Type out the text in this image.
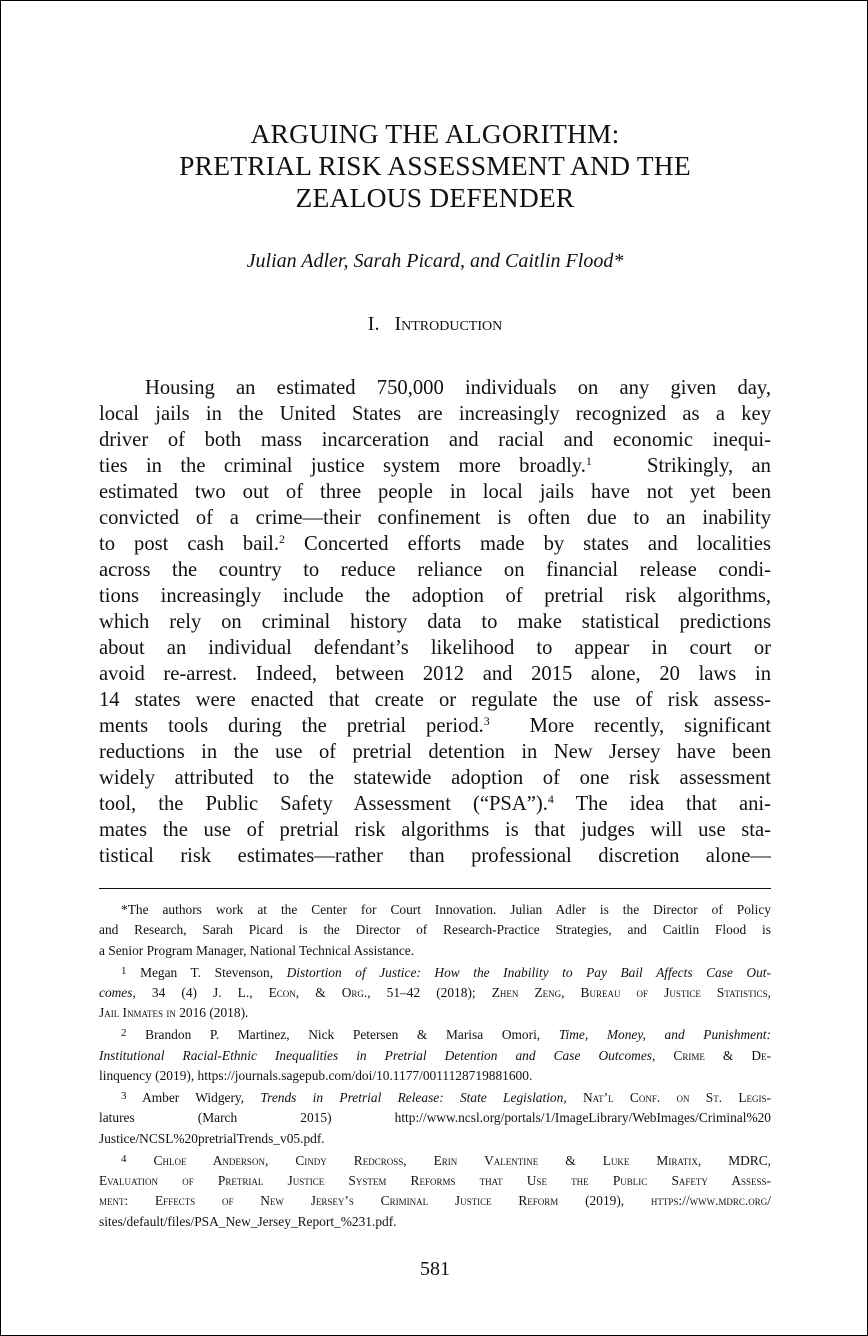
ARGUING THE ALGORITHM:
PRETRIAL RISK ASSESSMENT AND THE
ZEALOUS DEFENDER
Julian Adler, Sarah Picard, and Caitlin Flood*
I. Introduction
Housing an estimated 750,000 individuals on any given day,
local jails in the United States are increasingly recognized as a key
driver of both mass incarceration and racial and economic inequi-
ties in the criminal justice system more broadly.$^1$	Strikingly, an
estimated two out of three people in local jails have not yet been
convicted of a crime—their confinement is often due to an inability
to post cash bail.$^2$ Concerted efforts made by states and localities
across the country to reduce reliance on financial release condi-
tions increasingly include the adoption of pretrial risk algorithms,
which rely on criminal history data to make statistical predictions
about an individual defendant’s likelihood to appear in court or
avoid re-arrest. Indeed, between 2012 and 2015 alone, 20 laws in
14 states were enacted that create or regulate the use of risk assess-
ments tools during the pretrial period.$^3$ More recently, significant
reductions in the use of pretrial detention in New Jersey have been
widely attributed to the statewide adoption of one risk assessment
tool, the Public Safety Assessment (“PSA”).$^4$ The idea that ani-
mates the use of pretrial risk algorithms is that judges will use sta-
tistical risk estimates—rather than professional discretion alone—
*The authors work at the Center for Court Innovation. Julian Adler is the Director of Policy
and Research, Sarah Picard is the Director of Research-Practice Strategies, and Caitlin Flood is
a Senior Program Manager, National Technical Assistance.
$^1$ Megan T. Stevenson, Distortion of Justice: How the Inability to Pay Bail Affects Case Out-
comes, 34 (4) J. L., Econ, & Org., 51–42 (2018); Zhen Zeng, Bureau of Justice Statistics,
Jail Inmates in 2016 (2018).
$^2$ Brandon P. Martinez, Nick Petersen & Marisa Omori, Time, Money, and Punishment:
Institutional Racial-Ethnic Inequalities in Pretrial Detention and Case Outcomes, Crime & De-
linquency (2019), https://journals.sagepub.com/doi/10.1177/0011128719881600.
$^3$ Amber Widgery, Trends in Pretrial Release: State Legislation, Nat’l Conf. on St. Legis-
latures (March 2015) http://www.ncsl.org/portals/1/ImageLibrary/WebImages/Criminal%20
Justice/NCSL%20pretrialTrends_v05.pdf.
$^4$ Chloe Anderson, Cindy Redcross, Erin Valentine & Luke Miratix, MDRC,
Evaluation of Pretrial Justice System Reforms that Use the Public Safety Assess-
ment: Effects of New Jersey’s Criminal Justice Reform (2019), https://www.mdrc.org/
sites/default/files/PSA_New_Jersey_Report_%231.pdf.
581
